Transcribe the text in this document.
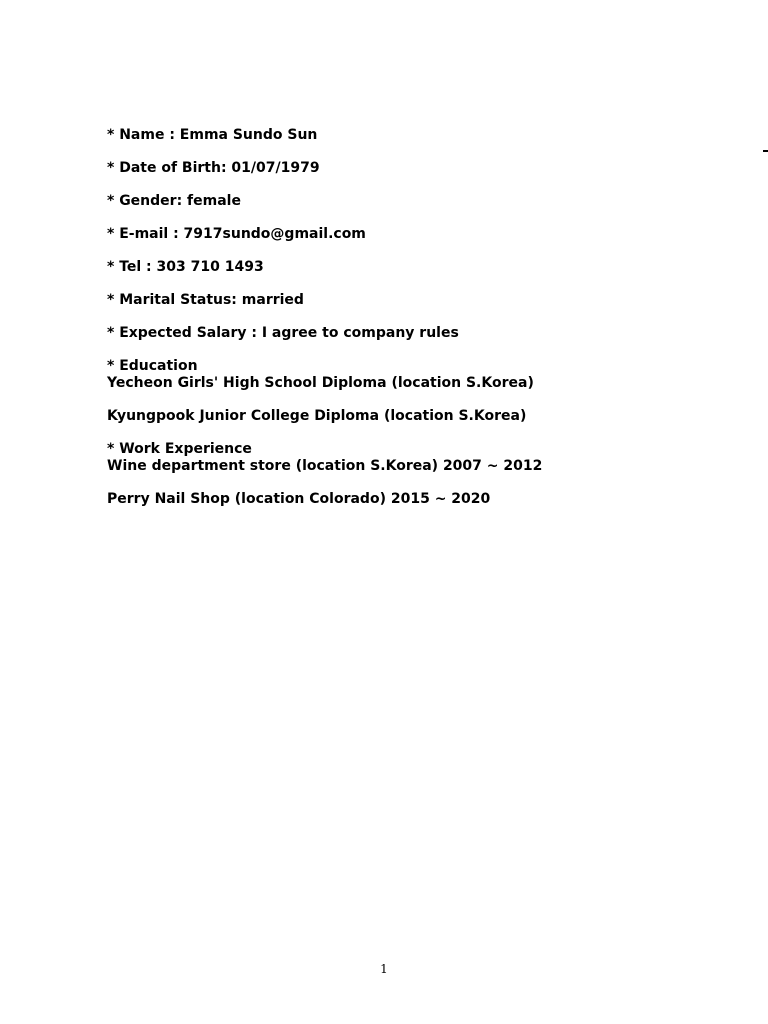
* Name : Emma Sundo Sun

* Date of Birth: 01/07/1979

* Gender: female

* E-mail : 7917sundo@gmail.com

* Tel : 303 710 1493

* Marital Status: married

* Expected Salary : I agree to company rules

* Education

Yecheon Girls' High School Diploma (location S.Korea)

Kyungpook Junior College Diploma (location S.Korea)

* Work Experience

Wine department store (location S.Korea) 2007 ~ 2012

Perry Nail Shop (location Colorado) 2015 ~ 2020

1
